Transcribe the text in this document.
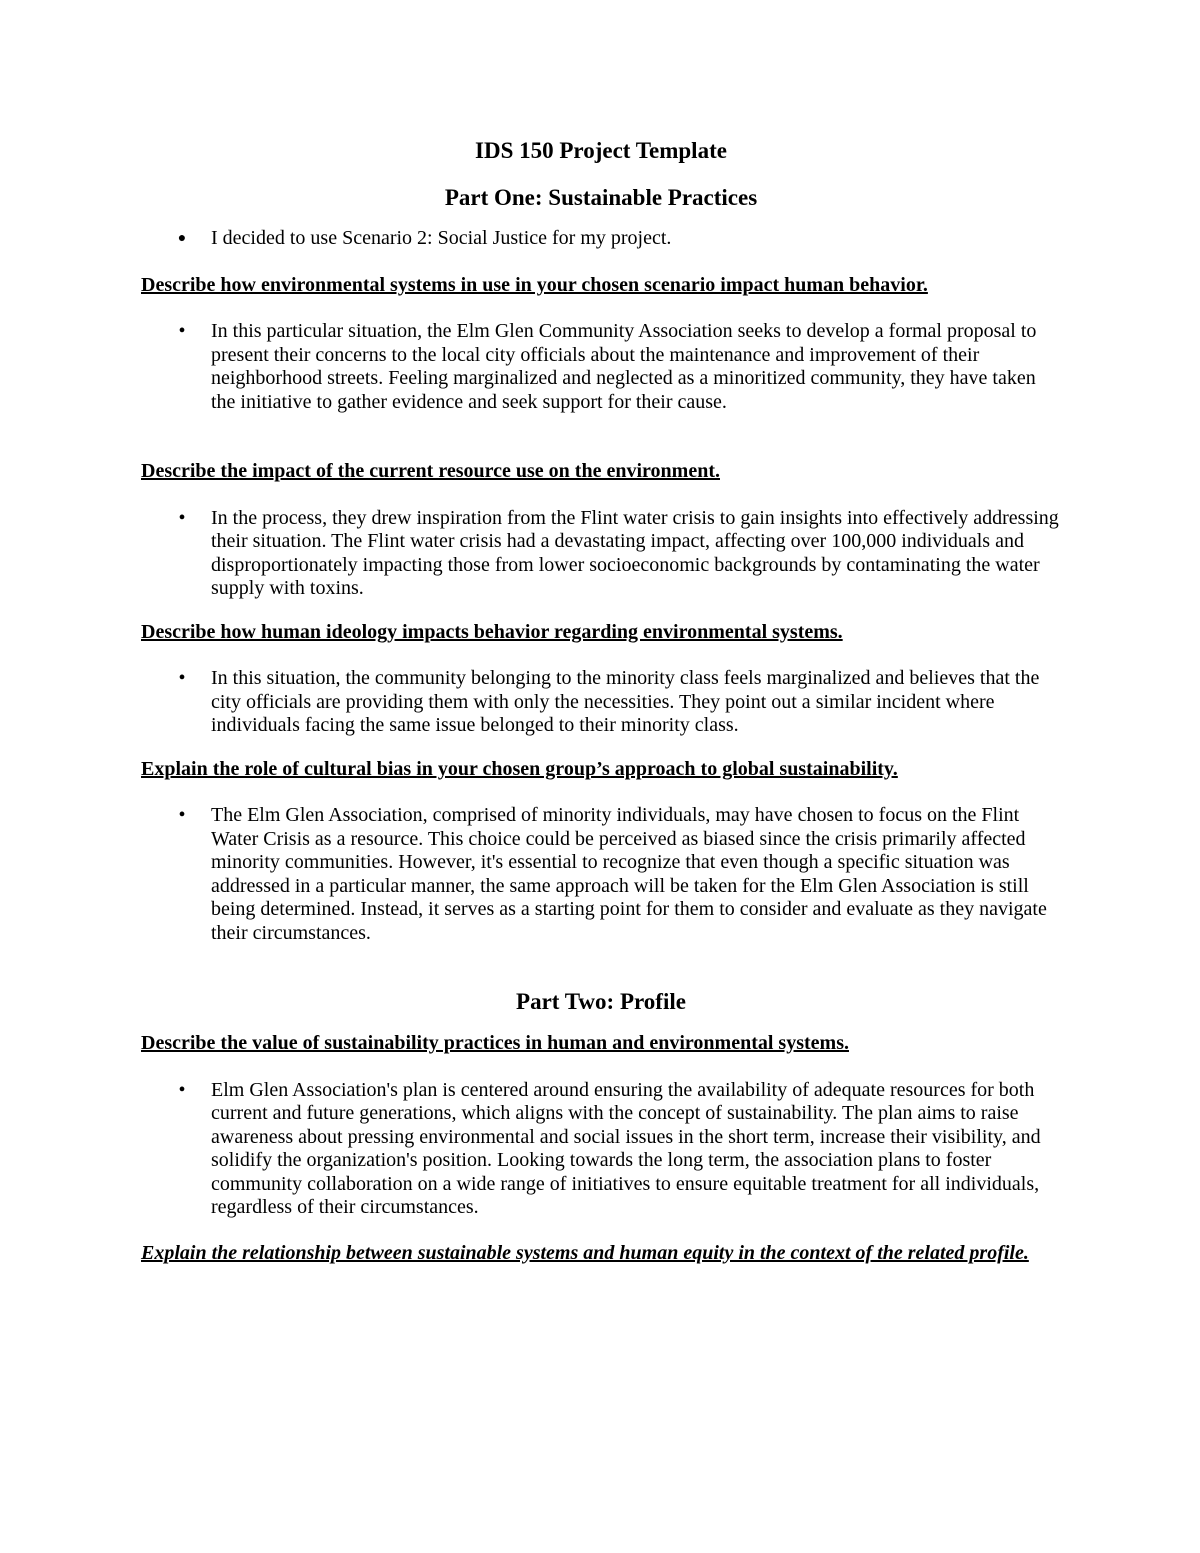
IDS 150 Project Template
Part One: Sustainable Practices
● I decided to use Scenario 2: Social Justice for my project.
Describe how environmental systems in use in your chosen scenario impact human behavior.
• In this particular situation, the Elm Glen Community Association seeks to develop a formal proposal to present their concerns to the local city officials about the maintenance and improvement of their neighborhood streets. Feeling marginalized and neglected as a minoritized community, they have taken the initiative to gather evidence and seek support for their cause.
Describe the impact of the current resource use on the environment.
• In the process, they drew inspiration from the Flint water crisis to gain insights into effectively addressing their situation. The Flint water crisis had a devastating impact, affecting over 100,000 individuals and disproportionately impacting those from lower socioeconomic backgrounds by contaminating the water supply with toxins.
Describe how human ideology impacts behavior regarding environmental systems.
• In this situation, the community belonging to the minority class feels marginalized and believes that the city officials are providing them with only the necessities. They point out a similar incident where individuals facing the same issue belonged to their minority class.
Explain the role of cultural bias in your chosen group’s approach to global sustainability.
• The Elm Glen Association, comprised of minority individuals, may have chosen to focus on the Flint Water Crisis as a resource. This choice could be perceived as biased since the crisis primarily affected minority communities. However, it's essential to recognize that even though a specific situation was addressed in a particular manner, the same approach will be taken for the Elm Glen Association is still being determined. Instead, it serves as a starting point for them to consider and evaluate as they navigate their circumstances.
Part Two: Profile
Describe the value of sustainability practices in human and environmental systems.
• Elm Glen Association's plan is centered around ensuring the availability of adequate resources for both current and future generations, which aligns with the concept of sustainability. The plan aims to raise awareness about pressing environmental and social issues in the short term, increase their visibility, and solidify the organization's position. Looking towards the long term, the association plans to foster community collaboration on a wide range of initiatives to ensure equitable treatment for all individuals, regardless of their circumstances.
Explain the relationship between sustainable systems and human equity in the context of the related profile.
